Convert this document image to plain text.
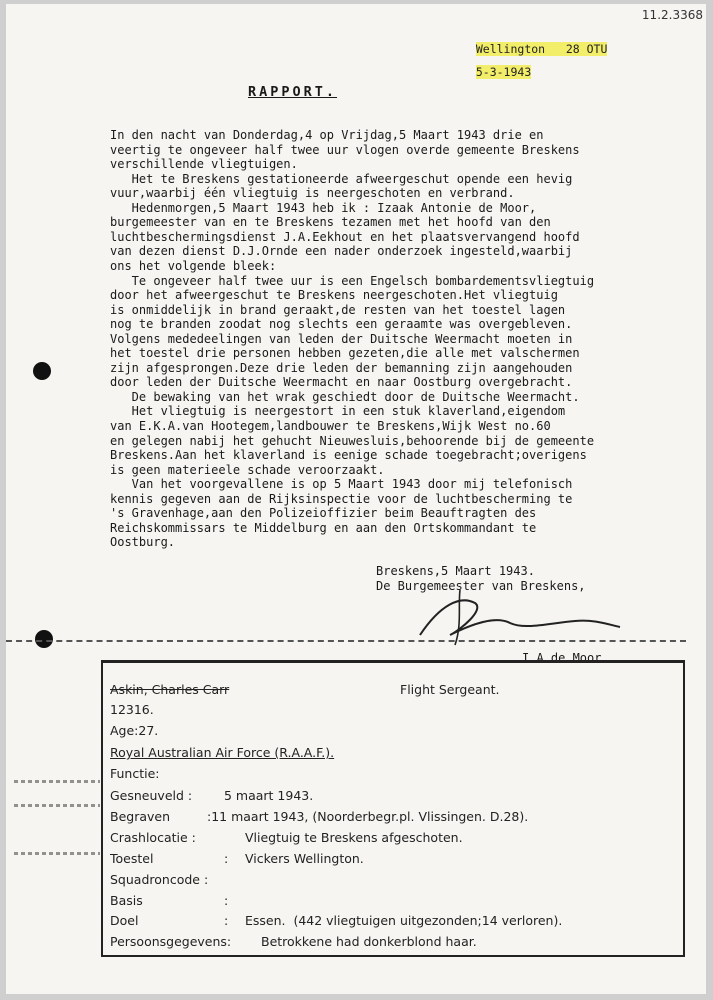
11.2.3368

Wellington   28 OTU

5-3-1943

RAPPORT.
In den nacht van Donderdag,4 op Vrijdag,5 Maart 1943 drie en
veertig te ongeveer half twee uur vlogen overde gemeente Breskens
verschillende vliegtuigen.
Het te Breskens gestationeerde afweergeschut opende een hevig
vuur,waarbij één vliegtuig is neergeschoten en verbrand.
Hedenmorgen,5 Maart 1943 heb ik : Izaak Antonie de Moor,
burgemeester van en te Breskens tezamen met het hoofd van den
luchtbeschermingsdienst J.A.Eekhout en het plaatsvervangend hoofd
van dezen dienst D.J.Ornde een nader onderzoek ingesteld,waarbij
ons het volgende bleek:
Te ongeveer half twee uur is een Engelsch bombardementsvliegtuig
door het afweergeschut te Breskens neergeschoten.Het vliegtuig
is onmiddelijk in brand geraakt,de resten van het toestel lagen
nog te branden zoodat nog slechts een geraamte was overgebleven.
Volgens mededeelingen van leden der Duitsche Weermacht moeten in
het toestel drie personen hebben gezeten,die alle met valschermen
zijn afgesprongen.Deze drie leden der bemanning zijn aangehouden
door leden der Duitsche Weermacht en naar Oostburg overgebracht.
De bewaking van het wrak geschiedt door de Duitsche Weermacht.
Het vliegtuig is neergestort in een stuk klaverland,eigendom
van E.K.A.van Hootegem,landbouwer te Breskens,Wijk West no.60
en gelegen nabij het gehucht Nieuwesluis,behoorende bij de gemeente
Breskens.Aan het klaverland is eenige schade toegebracht;overigens
is geen materieele schade veroorzaakt.
Van het voorgevallene is op 5 Maart 1943 door mij telefonisch
kennis gegeven aan de Rijksinspectie voor de luchtbescherming te
's Gravenhage,aan den Polizeioffizier beim Beauftragten des
Reichskommissars te Middelburg en aan den Ortskommandant te
Oostburg.
Breskens,5 Maart 1943.
De Burgemeester van Breskens,
I.A.de Moor.
Askin, Charles Carr	Flight Sergeant.
12316.
Age:27.
Royal Australian Air Force (R.A.A.F.).
Functie:
Gesneuveld :	5 maart 1943.
Begraven	:11 maart 1943, (Noorderbegr.pl. Vlissingen. D.28).
Crashlocatie :	Vliegtuig te Breskens afgeschoten.
Toestel	: Vickers Wellington.
Squadroncode :
Basis	:
Doel	: Essen.  (442 vliegtuigen uitgezonden;14 verloren).
Persoonsgegevens: Betrokkene had donkerblond haar.
